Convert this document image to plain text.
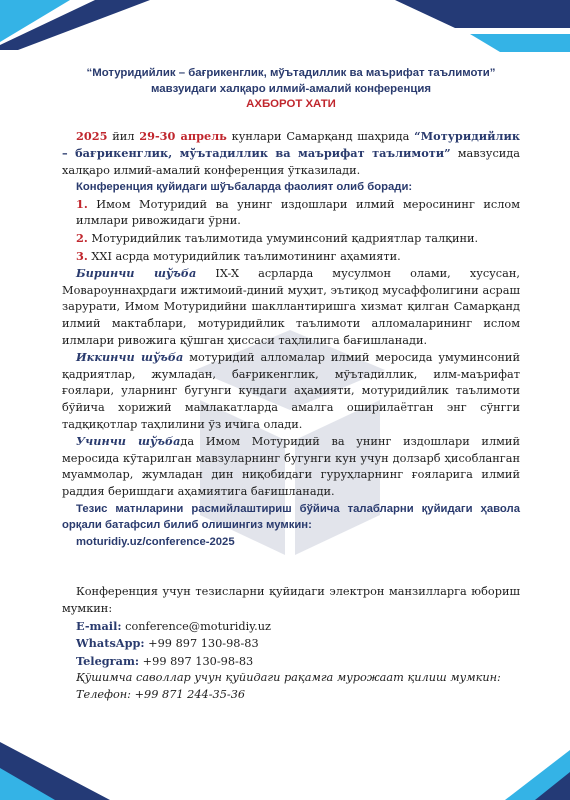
“Мотуридийлик – бағрикенглик, мўътадиллик ва маърифат таълимоти”
мавзуидаги халқаро илмий-амалий конференция
АХБОРОТ ХАТИ

2025 йил 29-30 апрель кунлари Самарқанд шаҳрида “Мотуридийлик – бағрикенглик, мўътадиллик ва маърифат таълимоти” мавзусида халқаро илмий-амалий конференция ўтказилади.

Конференция қуйидаги шўъбаларда фаолият олиб боради:

1. Имом Мотуридий ва унинг издошлари илмий меросининг ислом илмлари ривожидаги ўрни.

2. Мотуридийлик таълимотида умуминсоний қадриятлар талқини.

3. XXI асрда мотуридийлик таълимотининг аҳамияти.

Биринчи шўъба IX-X асрларда мусулмон олами, хусусан, Мовароуннаҳрдаги ижтимоий-диний муҳит, эътиқод мусаффолигини асраш зарурати, Имом Мотуридийни шакллантиришга хизмат қилган Самарқанд илмий мактаблари, мотуридийлик таълимоти алломаларининг ислом илмлари ривожига қўшган ҳиссаси таҳлилига бағишланади.

Иккинчи шўъба мотуридий алломалар илмий меросида умуминсоний қадриятлар, жумладан, бағрикенглик, мўътадиллик, илм-маърифат ғоялари, уларнинг бугунги кундаги аҳамияти, мотуридийлик таълимоти бўйича хорижий мамлакатларда амалга оширилаётган энг сўнгги тадқиқотлар таҳлилини ўз ичига олади.

Учинчи шўъбада Имом Мотуридий ва унинг издошлари илмий меросида кўтарилган мавзуларнинг бугунги кун учун долзарб ҳисобланган муаммолар, жумладан дин ниқобидаги гуруҳларнинг ғояларига илмий раддия беришдаги аҳамиятига бағишланади.

Тезис матнларини расмийлаштириш бўйича талабларни қуйидаги ҳавола орқали батафсил билиб олишингиз мумкин:

moturidiy.uz/conference-2025

Конференция учун тезисларни қуйидаги электрон манзилларга юбориш мумкин:

E-mail: conference@moturidiy.uz

WhatsApp: +99 897 130-98-83

Telegram: +99 897 130-98-83

Қўшимча саволлар учун қуйидаги рақамга мурожаат қилиш мумкин:

Телефон: +99 871 244-35-36
